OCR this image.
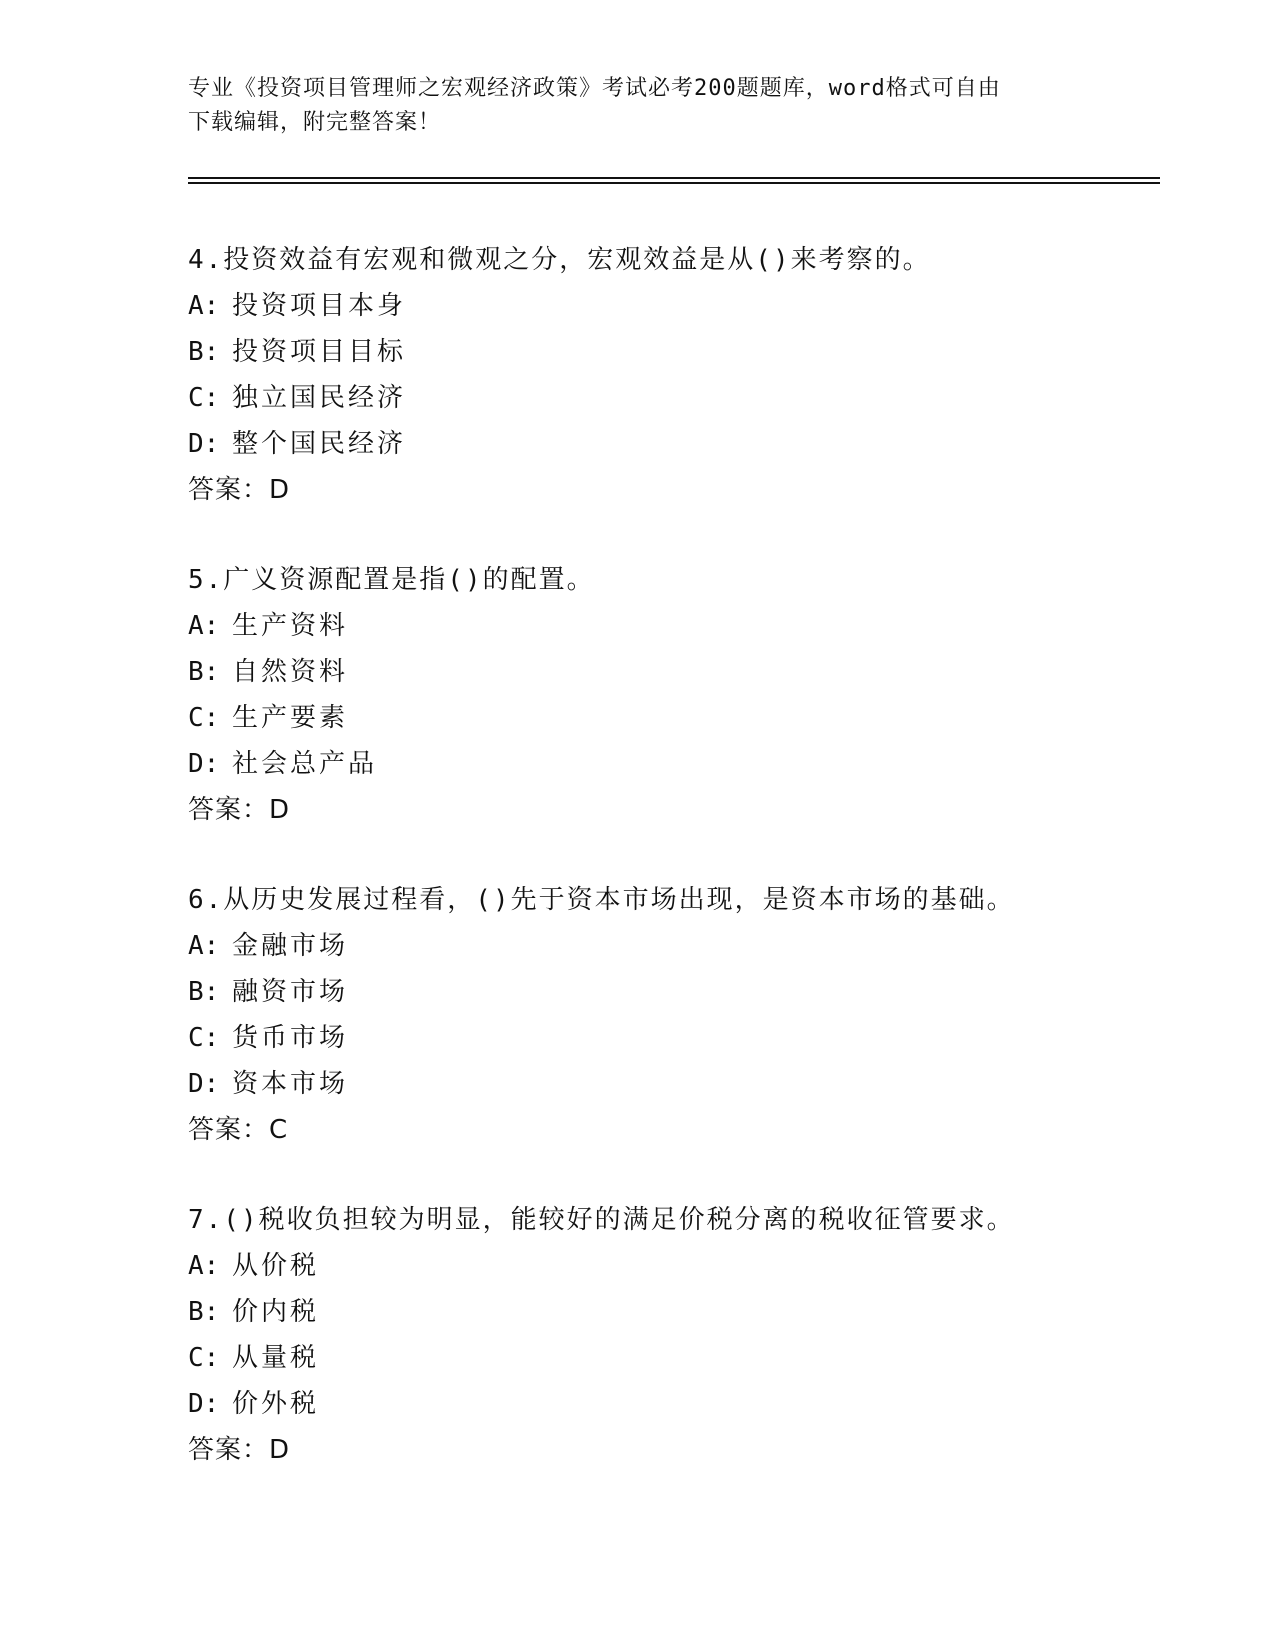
专业《投资项目管理师之宏观经济政策》考试必考200题题库，word格式可自由
下载编辑，附完整答案！
4.投资效益有宏观和微观之分，宏观效益是从()来考察的。
A: 投资项目本身
B: 投资项目目标
C: 独立国民经济
D: 整个国民经济
答案：D
5.广义资源配置是指()的配置。
A: 生产资料
B: 自然资料
C: 生产要素
D: 社会总产品
答案：D
6.从历史发展过程看，()先于资本市场出现，是资本市场的基础。
A: 金融市场
B: 融资市场
C: 货币市场
D: 资本市场
答案：C
7.()税收负担较为明显，能较好的满足价税分离的税收征管要求。
A: 从价税
B: 价内税
C: 从量税
D: 价外税
答案：D
